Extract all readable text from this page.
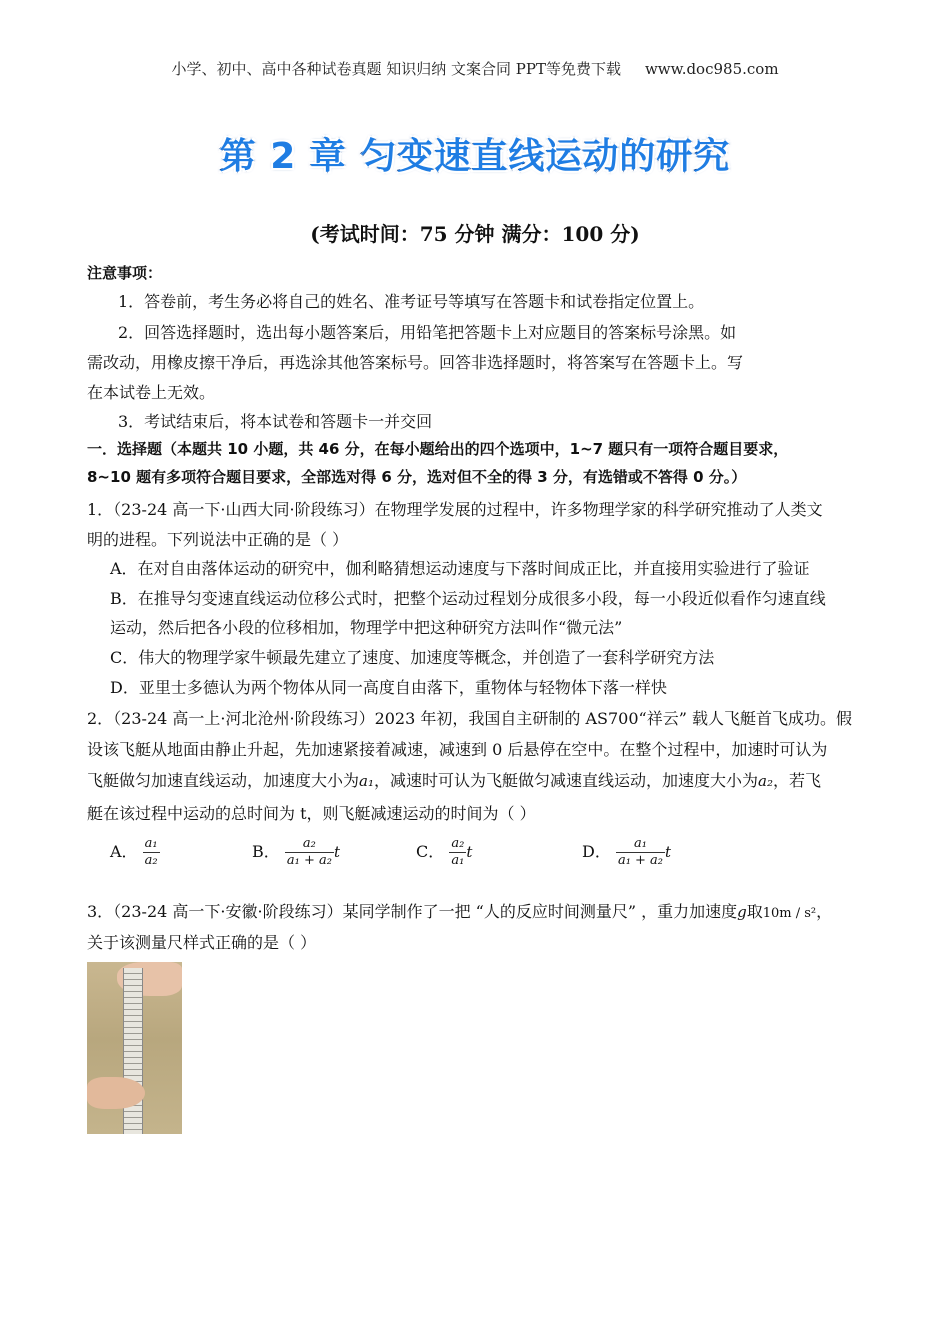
小学、初中、高中各种试卷真题 知识归纳 文案合同 PPT等免费下载 www.doc985.com
第 2 章 匀变速直线运动的研究
(考试时间：75 分钟 满分：100 分)
注意事项：
1．答卷前，考生务必将自己的姓名、准考证号等填写在答题卡和试卷指定位置上。
2．回答选择题时，选出每小题答案后，用铅笔把答题卡上对应题目的答案标号涂黑。如
需改动，用橡皮擦干净后，再选涂其他答案标号。回答非选择题时，将答案写在答题卡上。写
在本试卷上无效。
3．考试结束后，将本试卷和答题卡一并交回
一．选择题（本题共 10 小题，共 46 分，在每小题给出的四个选项中，1~7 题只有一项符合题目要求，
8~10 题有多项符合题目要求，全部选对得 6 分，选对但不全的得 3 分，有选错或不答得 0 分。）
1．（23-24 高一下·山西大同·阶段练习）在物理学发展的过程中，许多物理学家的科学研究推动了人类文
明的进程。下列说法中正确的是（ ）
A．在对自由落体运动的研究中，伽利略猜想运动速度与下落时间成正比，并直接用实验进行了验证
B．在推导匀变速直线运动位移公式时，把整个运动过程划分成很多小段，每一小段近似看作匀速直线
运动，然后把各小段的位移相加，物理学中把这种研究方法叫作“微元法”
C．伟大的物理学家牛顿最先建立了速度、加速度等概念，并创造了一套科学研究方法
D．亚里士多德认为两个物体从同一高度自由落下，重物体与轻物体下落一样快
2．（23-24 高一上·河北沧州·阶段练习）2023 年初，我国自主研制的 AS700“祥云” 载人飞艇首飞成功。假
设该飞艇从地面由静止升起，先加速紧接着减速，减速到 0 后悬停在空中。在整个过程中，加速时可认为
飞艇做匀加速直线运动，加速度大小为a₁，减速时可认为飞艇做匀减速直线运动，加速度大小为a₂，若飞
艇在该过程中运动的总时间为 t，则飞艇减速运动的时间为（ ）
A． $\frac{\text{a₁}}{\text{a₂}}$	B． $\frac{\text{a₂}}{\text{a₁ + a₂}}$ t	C． $\frac{\text{a₂}}{\text{a₁}}$ t	D． $\frac{\text{a₁}}{\text{a₁ + a₂}}$ t
3．（23-24 高一下·安徽·阶段练习）某同学制作了一把 “人的反应时间测量尺” ，重力加速度g取10m / s²，
关于该测量尺样式正确的是（ ）
